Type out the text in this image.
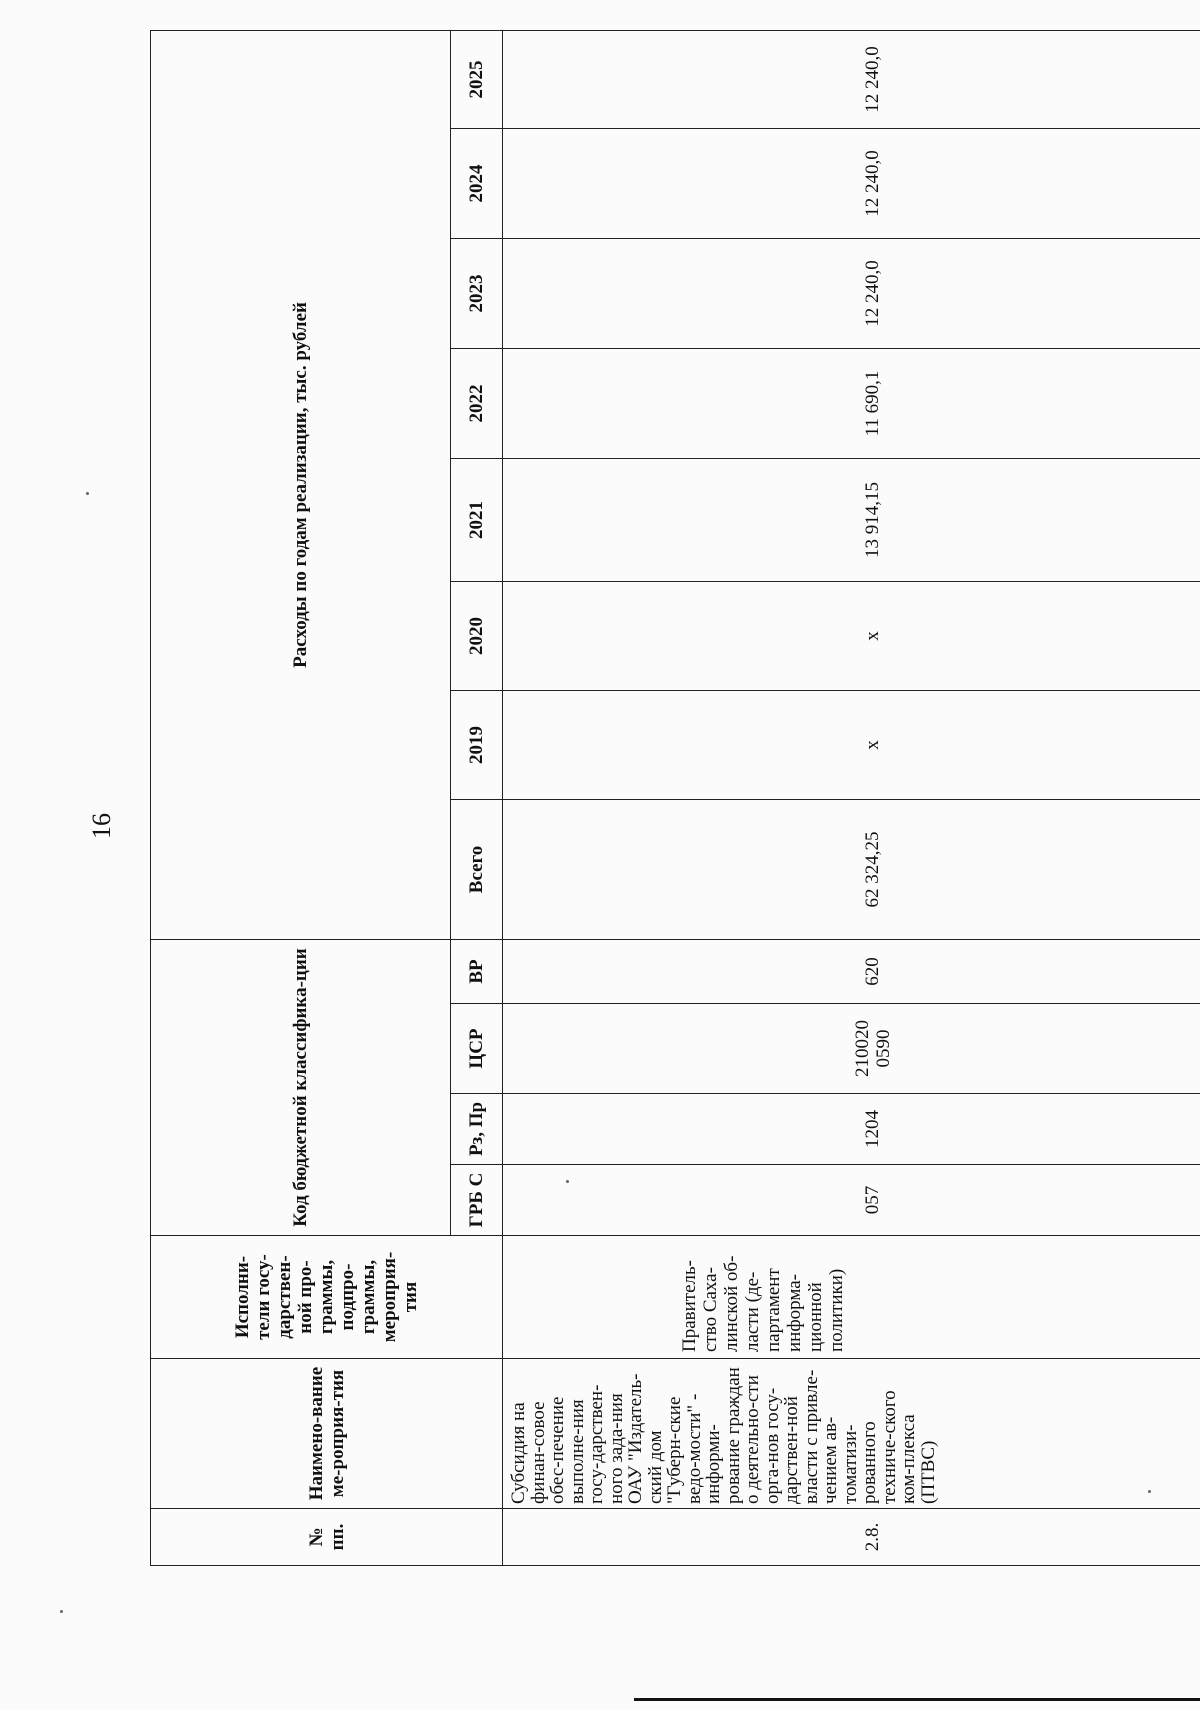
16
№ пп.	Наимено-вание ме-роприя-тия	Исполни-тели госу-дарствен-ной про-граммы, подпро-граммы, мероприя-тия	Код бюджетной классифика-ции				Расходы по годам реализации, тыс. рублей							
			ГРБ С	Рз, Пр	ЦСР	ВР	Всего	2019	2020	2021	2022	2023	2024	2025
2.8.	Субсидия на финан-совое обес-печение выполне-ния госу-дарствен-ного зада-ния ОАУ "Издатель-ский дом "Губерн-ские ведо-мости" - информи-рование граждан о деятельно-сти орга-нов госу-дарствен-ной власти с привле-чением ав-томатизи-рованного техниче-ского ком-плекса (ПТВС)	Правитель-ство Саха-линской об-ласти (де-партамент информа-ционной политики)	057	1204	210020 0590	620	62 324,25	x	x	13 914,15	11 690,1	12 240,0	12 240,0	12 240,0
